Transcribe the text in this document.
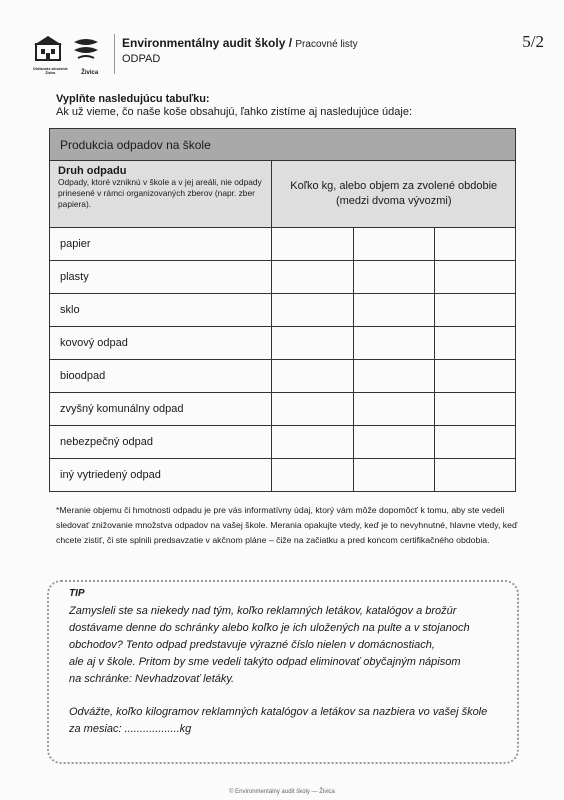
Občianske združenie Živica	Živica
Environmentálny audit školy / Pracovné listy
ODPAD
5/2
Vyplňte nasledujúcu tabuľku:
Ak už vieme, čo naše koše obsahujú, ľahko zistíme aj nasledujúce údaje:
Produkcia odpadov na škole			

Druh odpadu
Odpady, ktoré vzniknú v škole a v jej areáli, nie odpady prinesené v rámci organizovaných zberov (napr. zber papiera).	Koľko kg, alebo objem za zvolené obdobie
(medzi dvoma vývozmi)		
papier			
plasty			
sklo			
kovový odpad			
bioodpad			
zvyšný komunálny odpad			
nebezpečný odpad			
iný vytriedený odpad			
*Meranie objemu či hmotnosti odpadu je pre vás informatívny údaj, ktorý vám môže dopomôcť k tomu, aby ste vedeli sledovať znižovanie množstva odpadov na vašej škole. Merania opakujte vtedy, keď je to nevyhnutné, hlavne vtedy, keď chcete zistiť, či ste splnili predsavzatie v akčnom pláne – čiže na začiatku a pred koncom certifikačného obdobia.
TIP
Zamysleli ste sa niekedy nad tým, koľko reklamných letákov, katalógov a brožúr
dostávame denne do schránky alebo koľko je ich uložených na pulte a v stojanoch
obchodov? Tento odpad predstavuje výrazné číslo nielen v domácnostiach,
ale aj v škole. Pritom by sme vedeli takýto odpad eliminovať obyčajným nápisom
na schránke: Nevhadzovať letáky.
Odvážte, koľko kilogramov reklamných katalógov a letákov sa nazbiera vo vašej škole
za mesiac: ..................kg
© Environmentálny audit školy — Živica
